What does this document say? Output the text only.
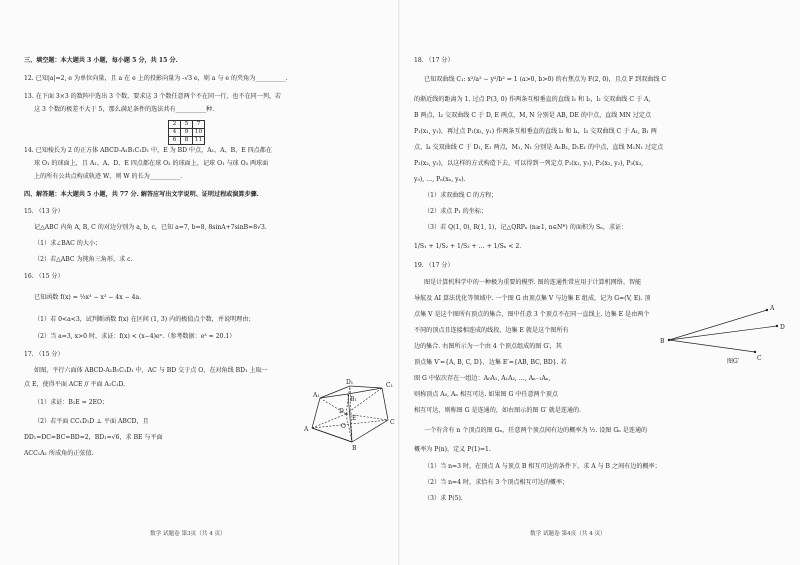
三、填空题：本大题共 3 小题，每小题 5 分，共 15 分.
12. 已知|a|=2, e 为单位向量，且 a 在 e 上的投影向量为 -√3 e，则 a 与 e 的夹角为__________.
13. 在下面 3×3 的数阵中选出 3 个数，要求这 3 个数任意两个不在同一行，也不在同一列，若
这 3 个数的极差不大于 5，那么满足条件的选法共有__________种.
2	5	7
4	9	10
6	8	11
14. 已知棱长为 2 的正方体 ABCD-A₁B₁C₁D₁ 中，E 为 BD 中点，A₁、A、B、E 四点都在
球 O₁ 的球面上，且 A₁、A、D、E 四点都在球 O₂ 的球面上，记球 O₁ 与球 O₂ 两球面
上的所有公共点构成轨迹 W，则 W 的长为__________.
四、解答题：本大题共 5 小题，共 77 分. 解答应写出文字说明、证明过程或演算步骤.
15. （13 分）
记△ABC 内角 A, B, C 的对边分别为 a, b, c，已知 a=7, b=8, 8sinA+7sinB=8√3.
（1）求∠BAC 的大小；
（2）若△ABC 为钝角三角形，求 c.
16. （15 分）
已知函数 f(x) = ⅓x³ − x² − 4x − 4a.
（1）若 0<a<3，试判断函数 f(x) 在区间 (1, 3) 内的极值点个数，并说明理由；
（2）当 a=3, x>0 时，求证：f(x) < (x−4)eˣ.（参考数据：e³ ≈ 20.1）
17. （15 分）
如图，平行六面体 ABCD-A₁B₁C₁D₁ 中，AC 与 BD 交于点 O，在对角线 BD₁ 上取一
点 E，使得平面 ACE // 平面 A₁C₁D.
（1）求证：B₁E = 2EO；
（2）若平面 CC₁D₁D ⊥ 平面 ABCD，且
DD₁=DC=BC=BD=2，BD₁=√6，求 BE 与平面
ACC₁A₁ 所成角的正弦值.
D₁	C₁
A₁
B₁
D
C
E
O
A
B
数学 试题卷 第3页（共 4 页）
18. （17 分）
已知双曲线 C₁: x²/a² − y²/b² = 1 (a>0, b>0) 的右焦点为 F(2, 0)，且点 F 到双曲线 C
的渐近线的距离为 1. 过点 P(3, 0) 作两条互相垂直的直线 l₁ 和 l₂，l₁ 交双曲线 C 于 A,
B 两点，l₂ 交双曲线 C 于 D, E 两点，M, N 分别是 AB, DE 的中点，直线 MN 过定点
P₁(x₁, y₁)，再过点 P₁(x₁, y₁) 作两条互相垂直的直线 l₃ 和 l₄，l₃ 交双曲线 C 于 A₁, B₁ 两
点，l₄ 交双曲线 C 于 D₁, E₁ 两点，M₁, N₁ 分别是 A₁B₁, D₁E₁ 的中点，直线 M₁N₁ 过定点
P₂(x₂, y₂)，以这样的方式构造下去，可以得到一列定点 P₁(x₁, y₁), P₂(x₂, y₂), P₃(x₃,
y₃), …, Pₙ(xₙ, yₙ).
（1）求双曲线 C 的方程；
（2）求点 P₁ 的坐标；
（3）若 Q(1, 0), R(1, 1)，记△QRPₙ (n≥1, n∈N*) 的面积为 Sₙ，求证：
1/S₁ + 1/S₂ + 1/S₃ + … + 1/Sₙ < 2.
19. （17 分）
图是计算机科学中的一种极为重要的模型. 图的连通性常应用于计算机网络、智能
导航及 AI 算法优化等领域中. 一个图 G 由顶点集 V 与边集 E 组成，记为 G=(V, E). 顶
点集 V 是这个图所有顶点的集合，图中任意 3 个顶点不在同一直线上. 边集 E 是由两个
不同的顶点且连接相连成的线段，边集 E 就是这个图所有
边的集合. 右图所示为一个由 4 个顶点组成的图 G′，其
顶点集 V′={A, B, C, D}，边集 E′={AB, BC, BD}. 若
图 G 中依次存在一组边：A₀A₁, A₁A₂, …, Aₙ₋₁Aₙ,
则称顶点 A₀, Aₙ 相互可达. 如果图 G 中任意两个顶点
相互可达，则称图 G 是连通的，如右图示的图 G′ 就是连通的.
A
D
B
C
图G′
一个有含有 n 个顶点的图 Gₙ，任意两个顶点间有边的概率为 ½. 设图 Gₙ 是连通的
概率为 P(n)，定义 P(1)=1.
（1）当 n=3 时，在顶点 A 与顶点 B 相互可达的条件下，求 A 与 B 之间有边的概率；
（2）当 n=4 时，求恰有 3 个顶点相互可达的概率；
（3）求 P(5).
数学 试题卷 第4页（共 4 页）
